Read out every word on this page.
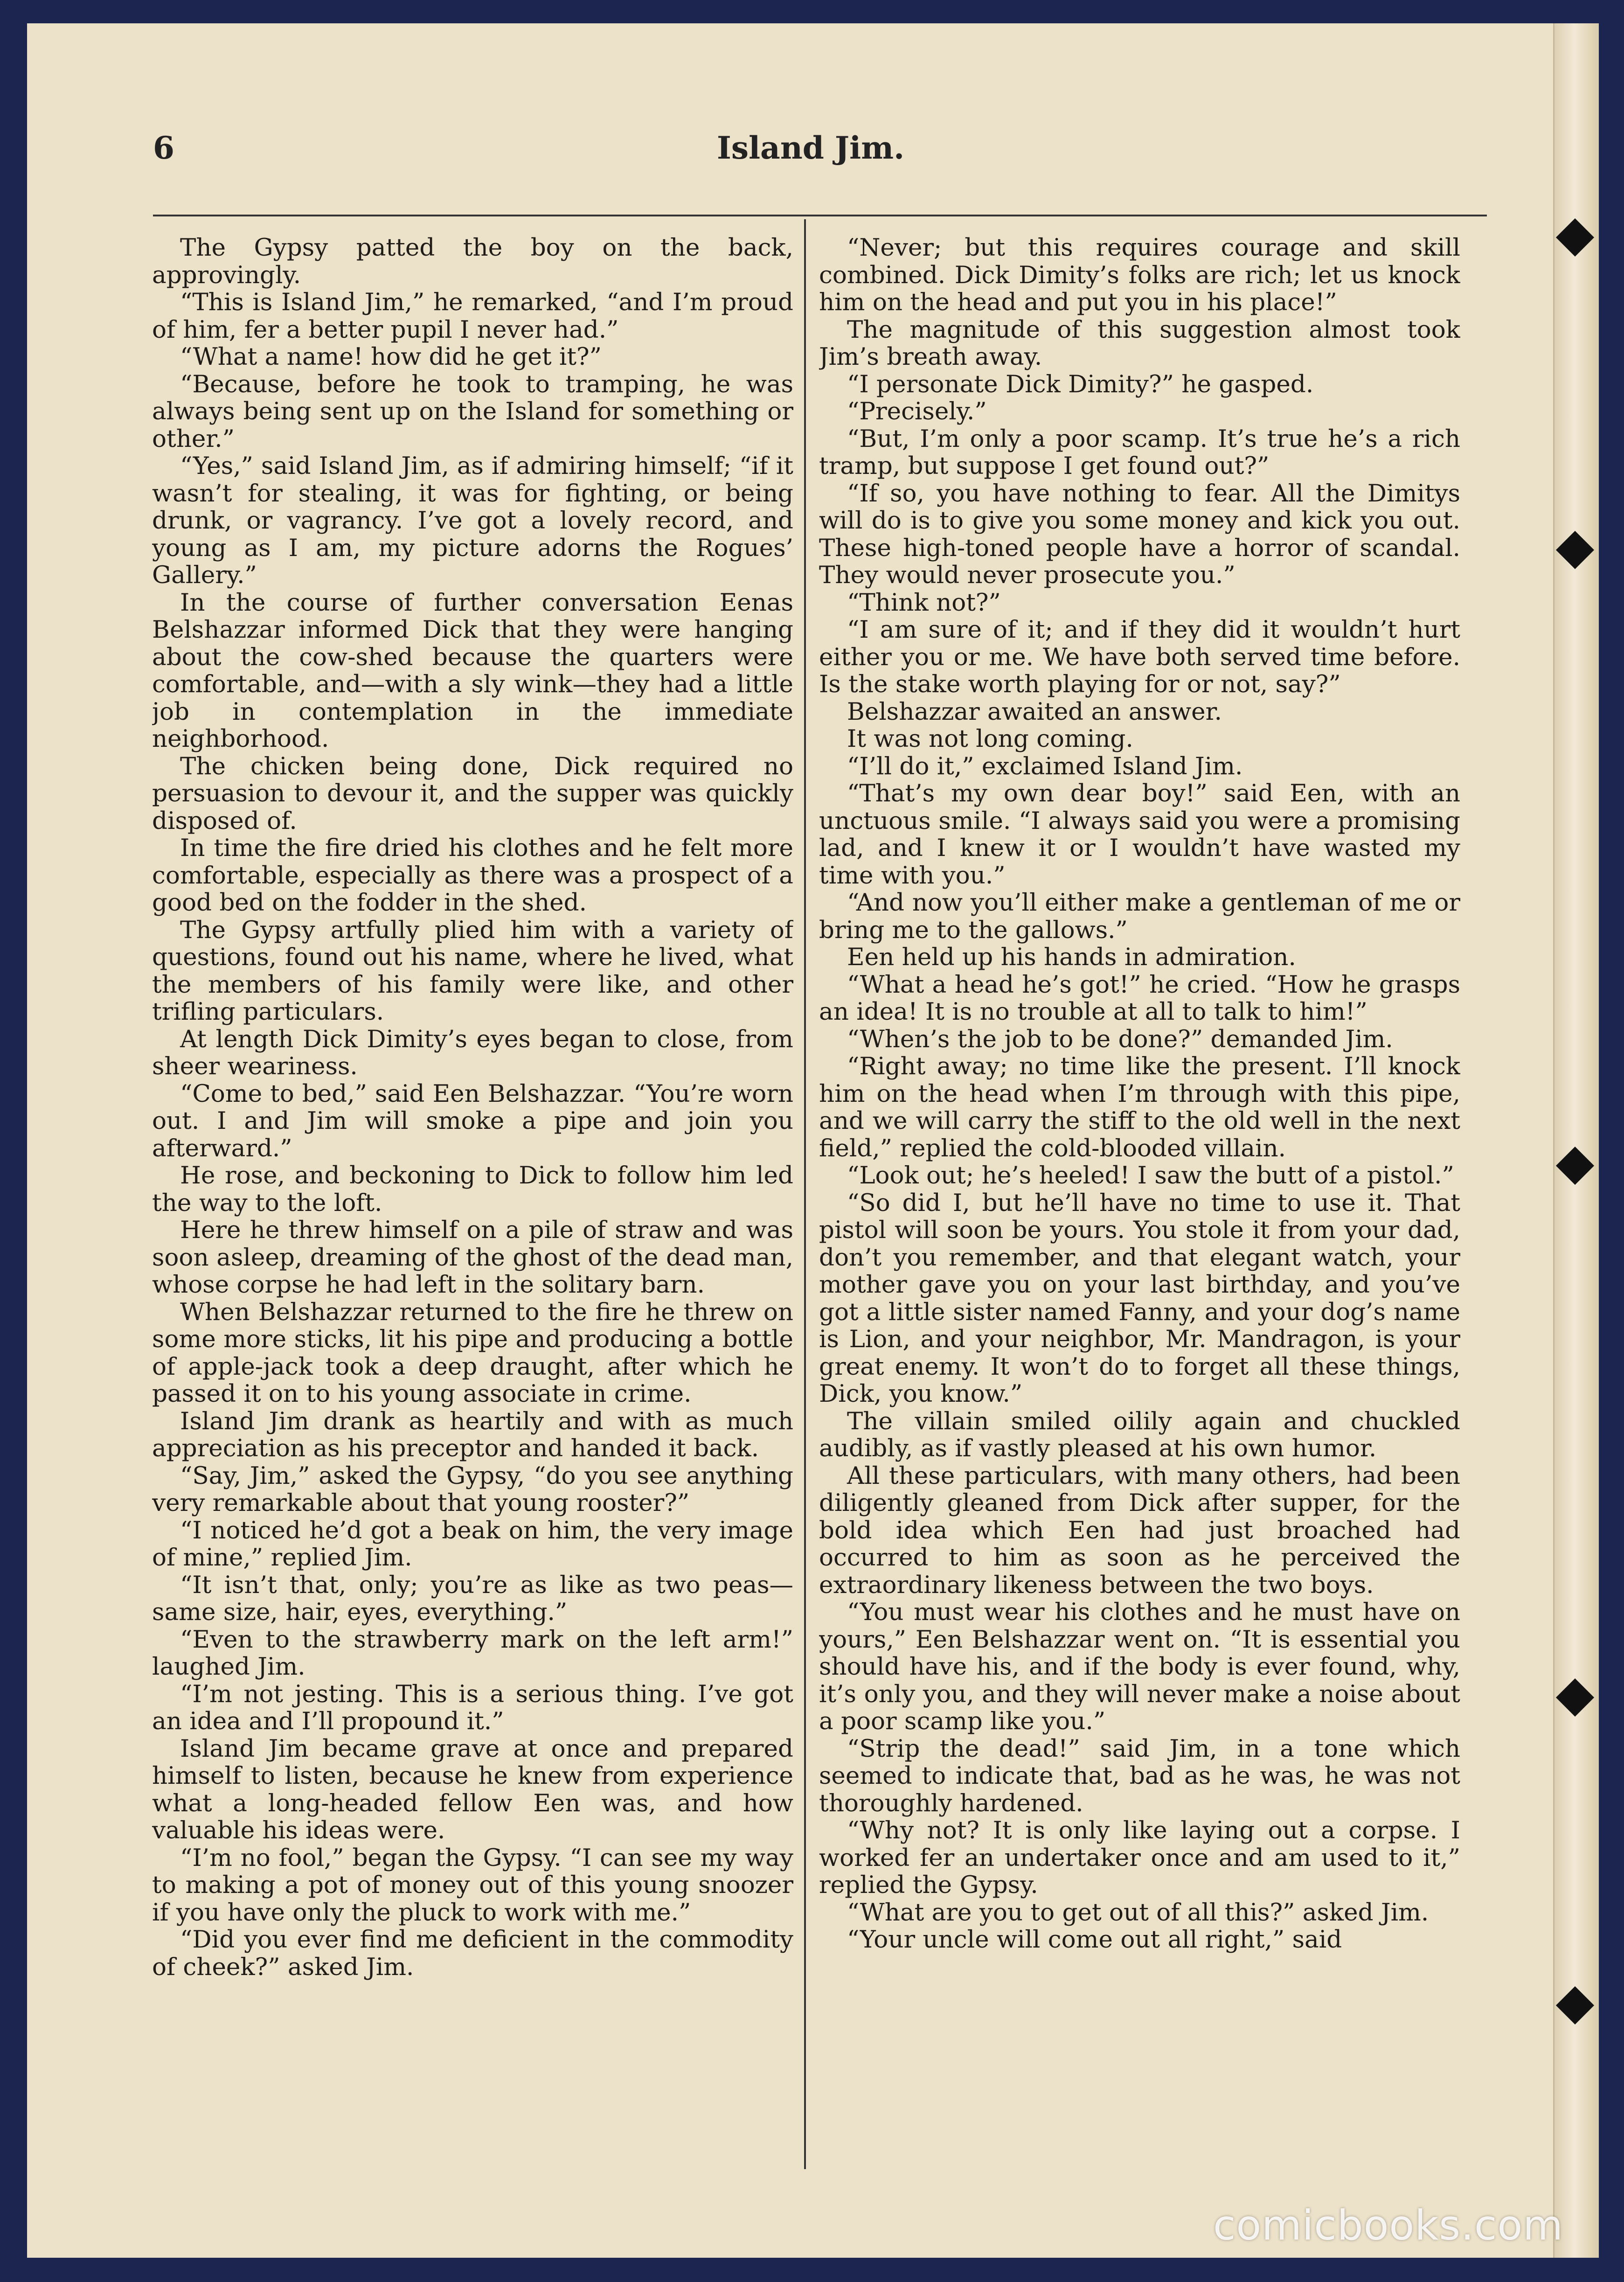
6	Island Jim.

The Gypsy patted the boy on the back, approvingly.

“This is Island Jim,” he remarked, “and I’m proud of him, fer a better pupil I never had.”

“What a name! how did he get it?”

“Because, before he took to tramping, he was always being sent up on the Island for something or other.”

“Yes,” said Island Jim, as if admiring himself; “if it wasn’t for stealing, it was for fighting, or being drunk, or vagrancy. I’ve got a lovely record, and young as I am, my picture adorns the Rogues’ Gallery.”

In the course of further conversation Eenas Belshazzar informed Dick that they were hanging about the cow-shed because the quarters were comfortable, and—with a sly wink—they had a little job in contemplation in the immediate neighborhood.

The chicken being done, Dick required no persuasion to devour it, and the supper was quickly disposed of.

In time the fire dried his clothes and he felt more comfortable, especially as there was a prospect of a good bed on the fodder in the shed.

The Gypsy artfully plied him with a variety of questions, found out his name, where he lived, what the members of his family were like, and other trifling particulars.

At length Dick Dimity’s eyes began to close, from sheer weariness.

“Come to bed,” said Een Belshazzar. “You’re worn out. I and Jim will smoke a pipe and join you afterward.”

He rose, and beckoning to Dick to follow him led the way to the loft.

Here he threw himself on a pile of straw and was soon asleep, dreaming of the ghost of the dead man, whose corpse he had left in the solitary barn.

When Belshazzar returned to the fire he threw on some more sticks, lit his pipe and producing a bottle of apple-jack took a deep draught, after which he passed it on to his young associate in crime.

Island Jim drank as heartily and with as much appreciation as his preceptor and handed it back.

“Say, Jim,” asked the Gypsy, “do you see anything very remarkable about that young rooster?”

“I noticed he’d got a beak on him, the very image of mine,” replied Jim.

“It isn’t that, only; you’re as like as two peas—same size, hair, eyes, everything.”

“Even to the strawberry mark on the left arm!” laughed Jim.

“I’m not jesting. This is a serious thing. I’ve got an idea and I’ll propound it.”

Island Jim became grave at once and prepared himself to listen, because he knew from experience what a long-headed fellow Een was, and how valuable his ideas were.

“I’m no fool,” began the Gypsy. “I can see my way to making a pot of money out of this young snoozer if you have only the pluck to work with me.”

“Did you ever find me deficient in the commodity of cheek?” asked Jim.

“Never; but this requires courage and skill combined. Dick Dimity’s folks are rich; let us knock him on the head and put you in his place!”

The magnitude of this suggestion almost took Jim’s breath away.

“I personate Dick Dimity?” he gasped.

“Precisely.”

“But, I’m only a poor scamp. It’s true he’s a rich tramp, but suppose I get found out?”

“If so, you have nothing to fear. All the Dimitys will do is to give you some money and kick you out. These high-toned people have a horror of scandal. They would never prosecute you.”

“Think not?”

“I am sure of it; and if they did it wouldn’t hurt either you or me. We have both served time before. Is the stake worth playing for or not, say?”

Belshazzar awaited an answer.

It was not long coming.

“I’ll do it,” exclaimed Island Jim.

“That’s my own dear boy!” said Een, with an unctuous smile. “I always said you were a promising lad, and I knew it or I wouldn’t have wasted my time with you.”

“And now you’ll either make a gentleman of me or bring me to the gallows.”

Een held up his hands in admiration.

“What a head he’s got!” he cried. “How he grasps an idea! It is no trouble at all to talk to him!”

“When’s the job to be done?” demanded Jim.

“Right away; no time like the present. I’ll knock him on the head when I’m through with this pipe, and we will carry the stiff to the old well in the next field,” replied the cold-blooded villain.

“Look out; he’s heeled! I saw the butt of a pistol.”

“So did I, but he’ll have no time to use it. That pistol will soon be yours. You stole it from your dad, don’t you remember, and that elegant watch, your mother gave you on your last birthday, and you’ve got a little sister named Fanny, and your dog’s name is Lion, and your neighbor, Mr. Mandragon, is your great enemy. It won’t do to forget all these things, Dick, you know.”

The villain smiled oilily again and chuckled audibly, as if vastly pleased at his own humor.

All these particulars, with many others, had been diligently gleaned from Dick after supper, for the bold idea which Een had just broached had occurred to him as soon as he perceived the extraordinary likeness between the two boys.

“You must wear his clothes and he must have on yours,” Een Belshazzar went on. “It is essential you should have his, and if the body is ever found, why, it’s only you, and they will never make a noise about a poor scamp like you.”

“Strip the dead!” said Jim, in a tone which seemed to indicate that, bad as he was, he was not thoroughly hardened.

“Why not? It is only like laying out a corpse. I worked fer an undertaker once and am used to it,” replied the Gypsy.

“What are you to get out of all this?” asked Jim.

“Your uncle will come out all right,” said

comicbooks.com
